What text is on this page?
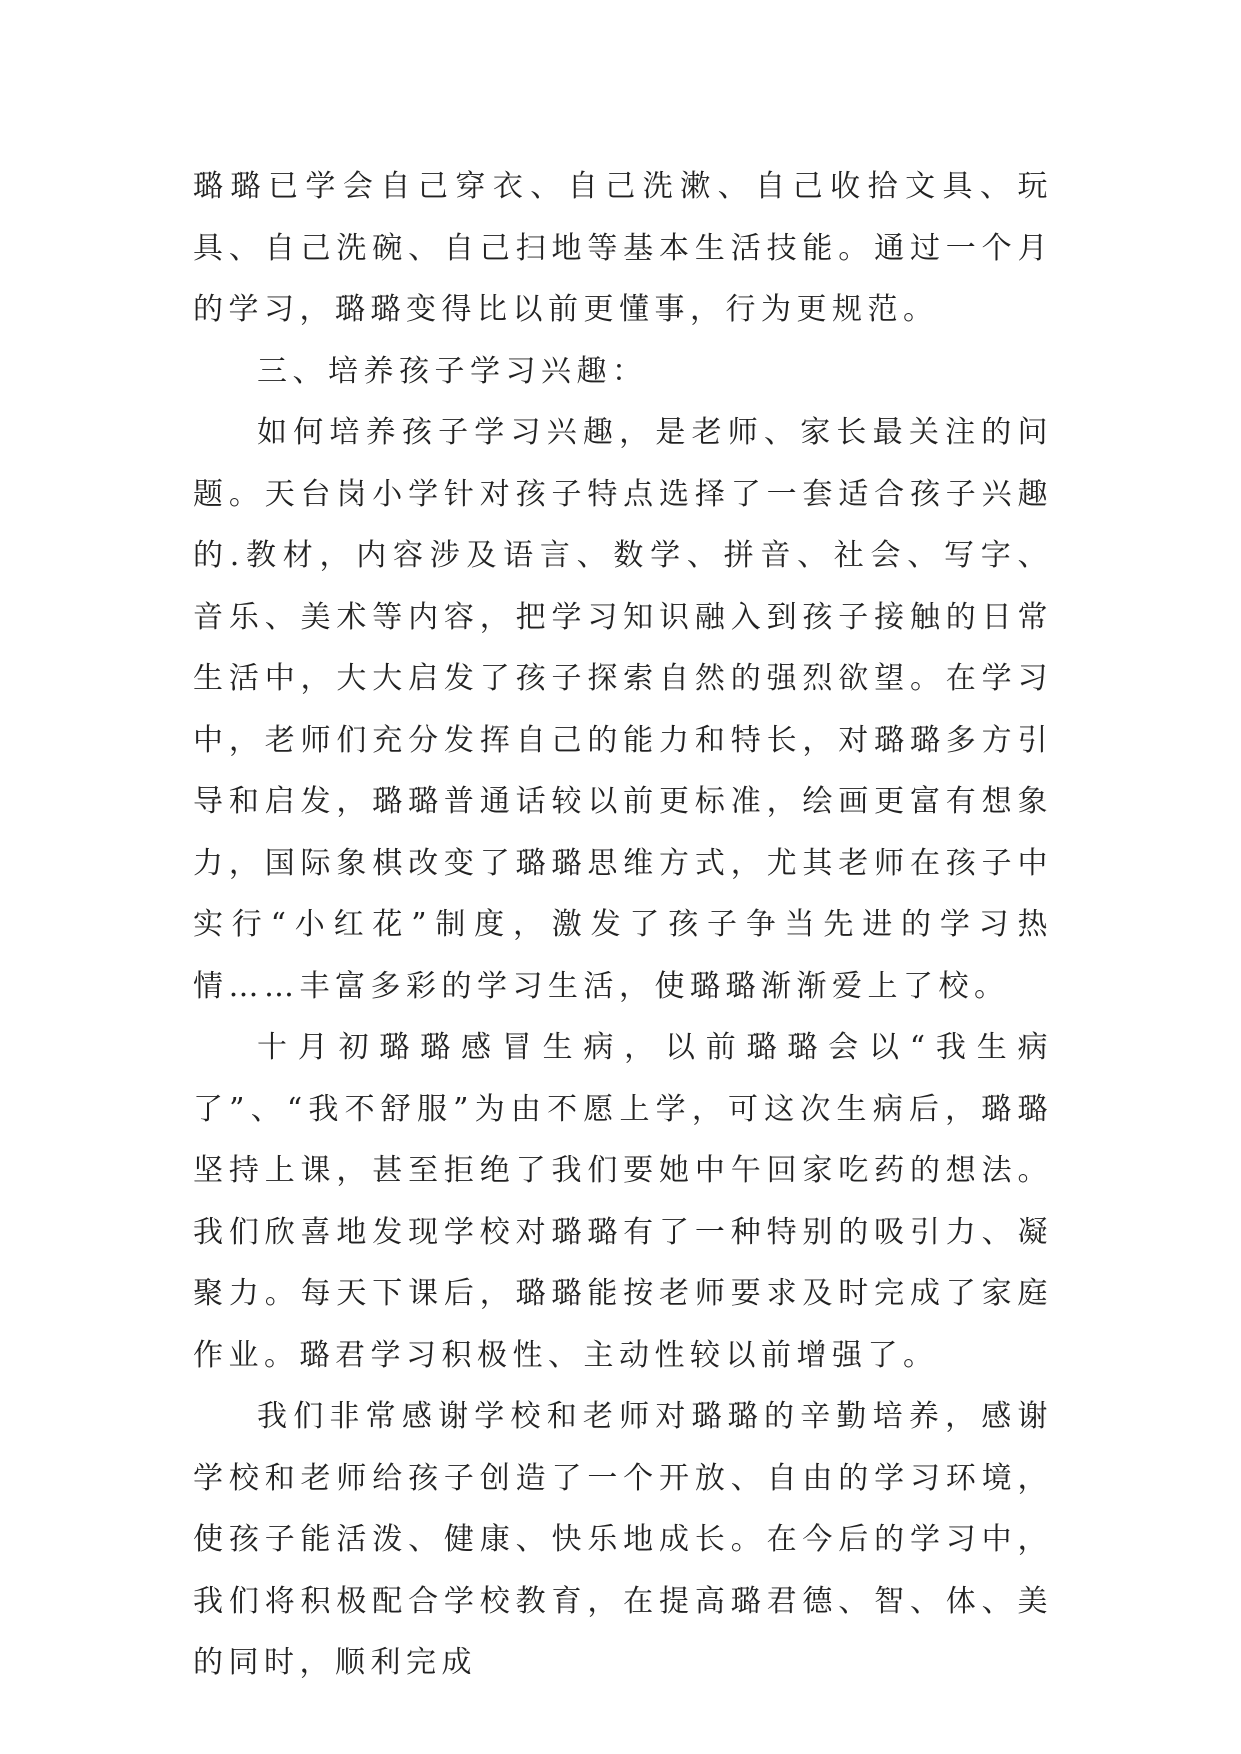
璐璐已学会自己穿衣、自己洗漱、自己收拾文具、玩具、自己洗碗、自己扫地等基本生活技能。通过一个月的学习，璐璐变得比以前更懂事，行为更规范。

三、培养孩子学习兴趣：

如何培养孩子学习兴趣，是老师、家长最关注的问题。天台岗小学针对孩子特点选择了一套适合孩子兴趣的.教材，内容涉及语言、数学、拼音、社会、写字、音乐、美术等内容，把学习知识融入到孩子接触的日常生活中，大大启发了孩子探索自然的强烈欲望。在学习中，老师们充分发挥自己的能力和特长，对璐璐多方引导和启发，璐璐普通话较以前更标准，绘画更富有想象力，国际象棋改变了璐璐思维方式，尤其老师在孩子中实行“小红花”制度，激发了孩子争当先进的学习热情……丰富多彩的学习生活，使璐璐渐渐爱上了校。

十月初璐璐感冒生病，以前璐璐会以“我生病了”、“我不舒服”为由不愿上学，可这次生病后，璐璐坚持上课，甚至拒绝了我们要她中午回家吃药的想法。我们欣喜地发现学校对璐璐有了一种特别的吸引力、凝聚力。每天下课后，璐璐能按老师要求及时完成了家庭作业。璐君学习积极性、主动性较以前增强了。

我们非常感谢学校和老师对璐璐的辛勤培养，感谢学校和老师给孩子创造了一个开放、自由的学习环境，使孩子能活泼、健康、快乐地成长。在今后的学习中，我们将积极配合学校教育，在提高璐君德、智、体、美的同时，顺利完成
